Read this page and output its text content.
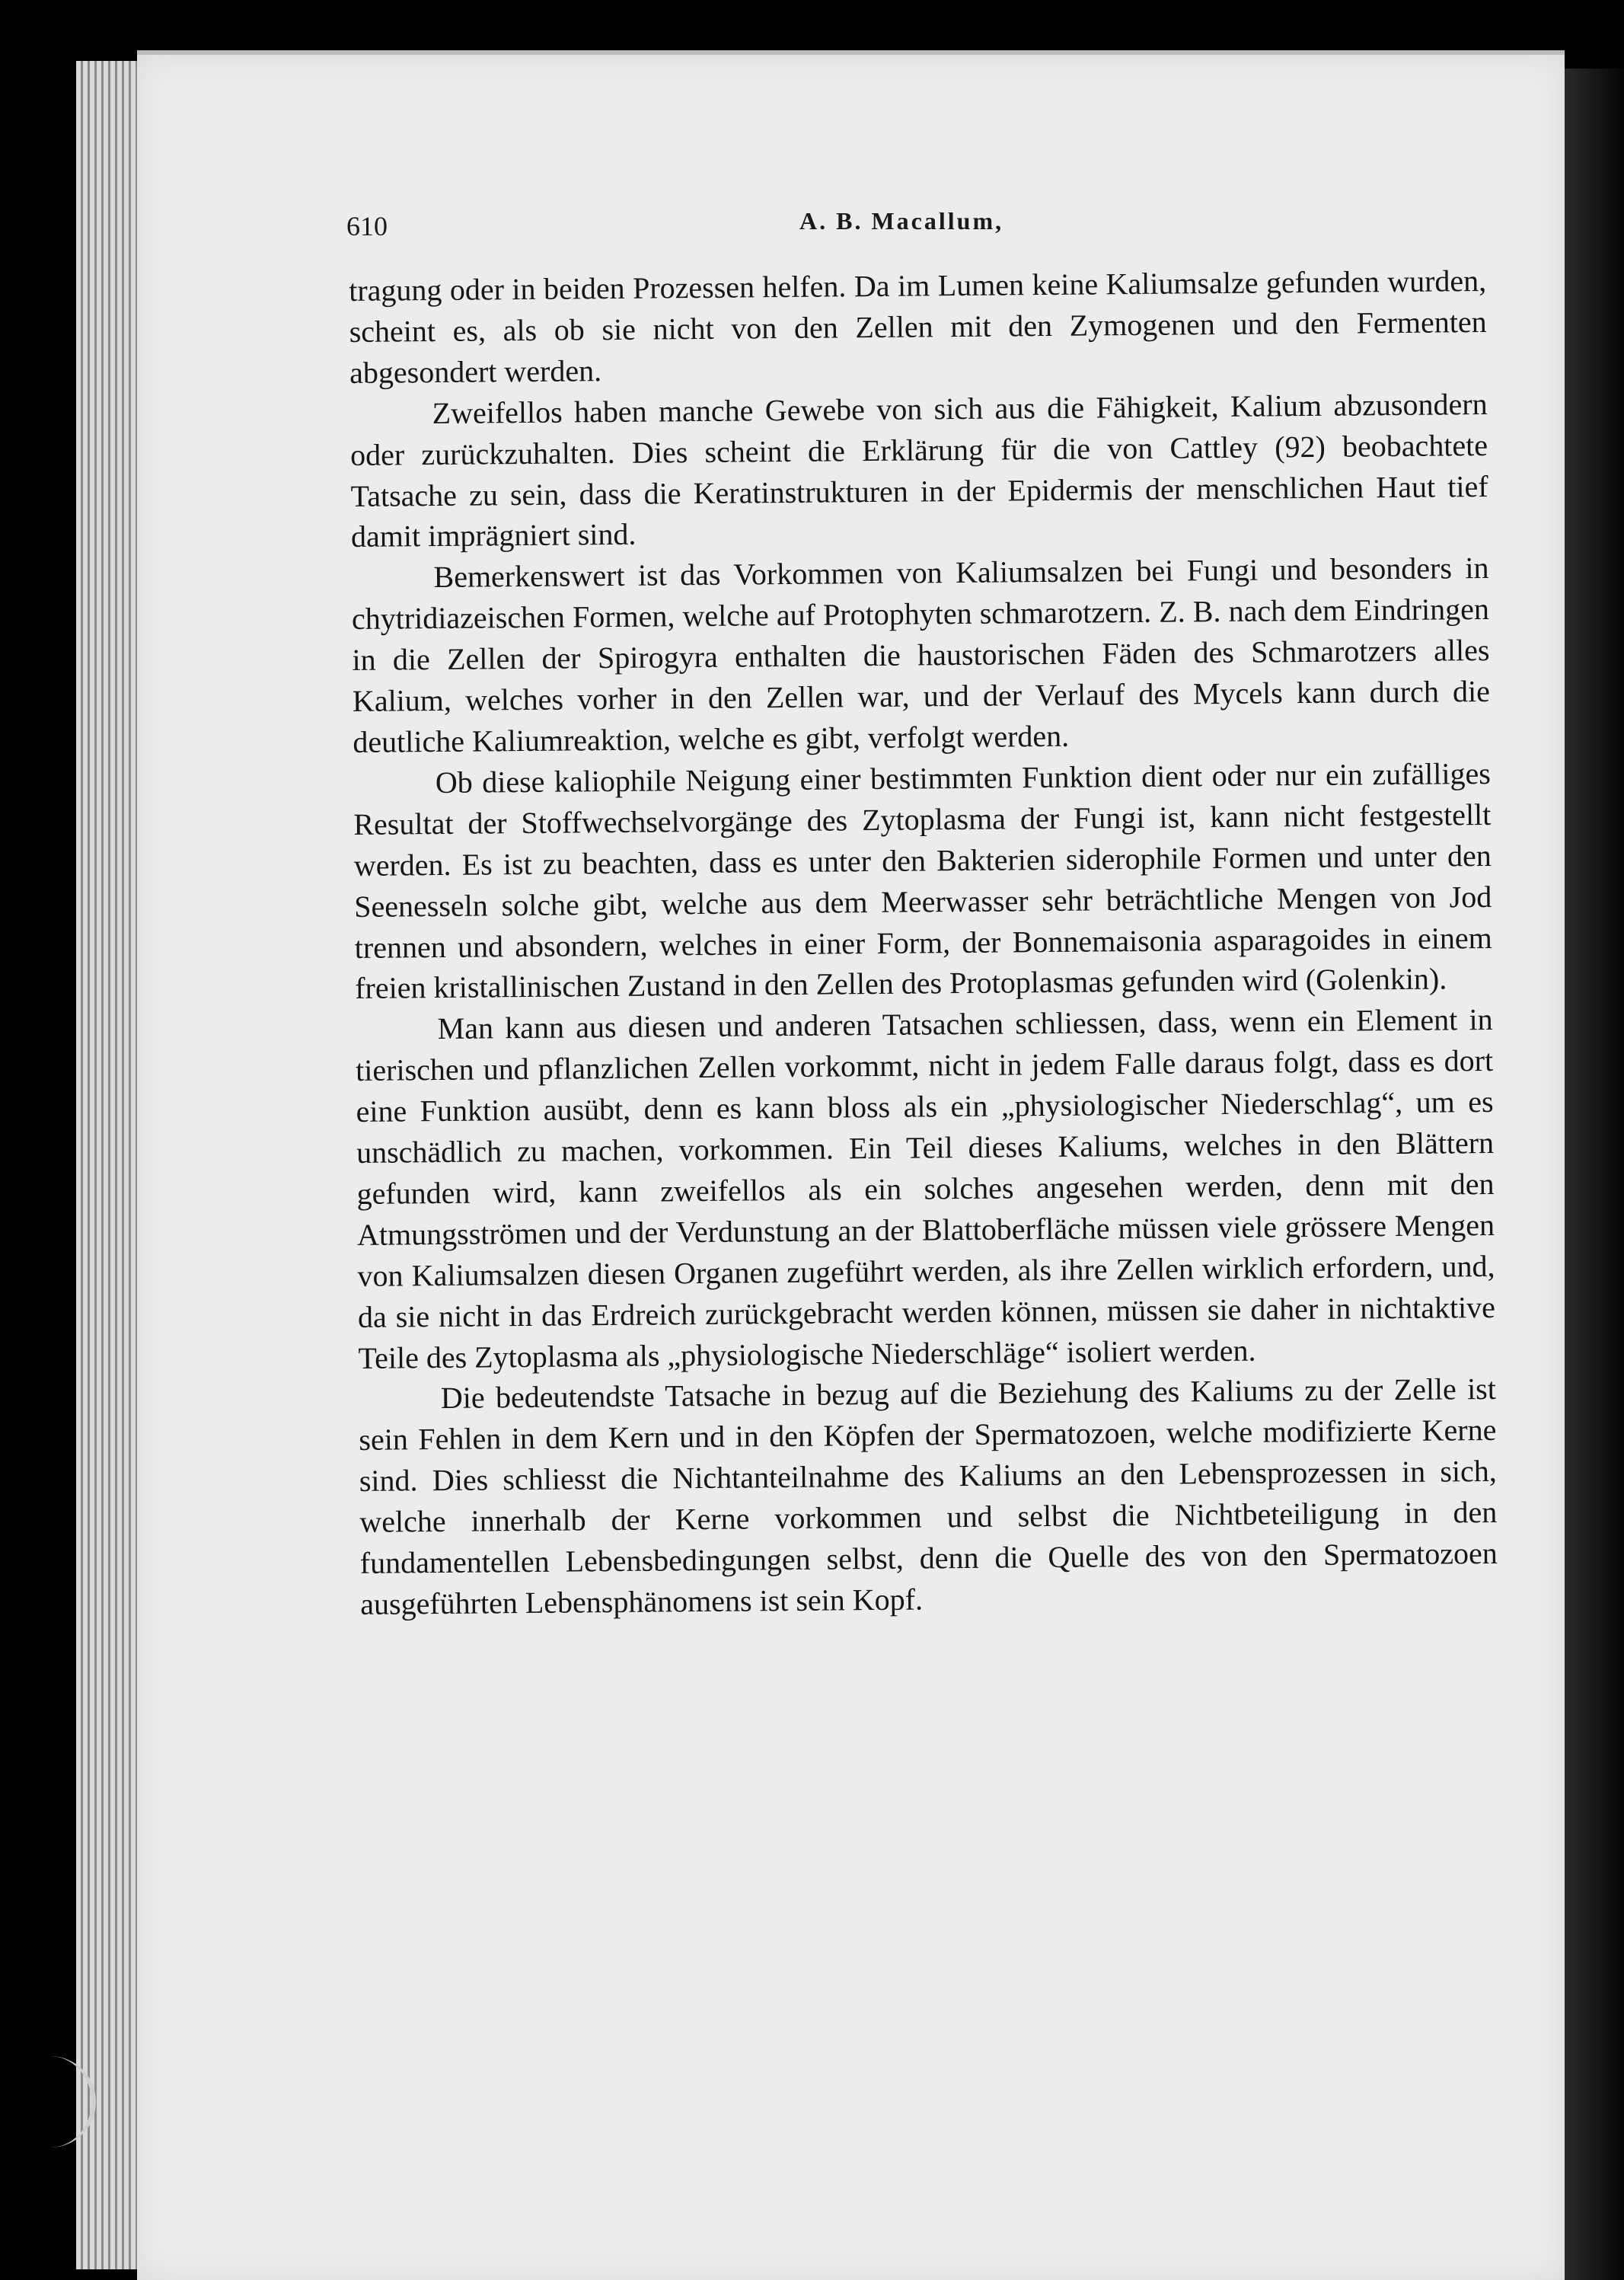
610	A. B. Macallum,

tragung oder in beiden Prozessen helfen. Da im Lumen keine Kaliumsalze gefunden wurden, scheint es, als ob sie nicht von den Zellen mit den Zymogenen und den Fermenten abgesondert werden.

Zweifellos haben manche Gewebe von sich aus die Fähigkeit, Kalium abzusondern oder zurückzuhalten. Dies scheint die Erklärung für die von Cattley (92) beobachtete Tatsache zu sein, dass die Keratinstrukturen in der Epidermis der menschlichen Haut tief damit imprägniert sind.

Bemerkenswert ist das Vorkommen von Kaliumsalzen bei Fungi und besonders in chytridiazeischen Formen, welche auf Protophyten schmarotzern. Z. B. nach dem Eindringen in die Zellen der Spirogyra enthalten die haustorischen Fäden des Schmarotzers alles Kalium, welches vorher in den Zellen war, und der Verlauf des Mycels kann durch die deutliche Kaliumreaktion, welche es gibt, verfolgt werden.

Ob diese kaliophile Neigung einer bestimmten Funktion dient oder nur ein zufälliges Resultat der Stoffwechselvorgänge des Zytoplasma der Fungi ist, kann nicht festgestellt werden. Es ist zu beachten, dass es unter den Bakterien siderophile Formen und unter den Seenesseln solche gibt, welche aus dem Meerwasser sehr beträchtliche Mengen von Jod trennen und absondern, welches in einer Form, der Bonnemaisonia asparagoides in einem freien kristallinischen Zustand in den Zellen des Protoplasmas gefunden wird (Golenkin).

Man kann aus diesen und anderen Tatsachen schliessen, dass, wenn ein Element in tierischen und pflanzlichen Zellen vorkommt, nicht in jedem Falle daraus folgt, dass es dort eine Funktion ausübt, denn es kann bloss als ein „physiologischer Niederschlag“, um es unschädlich zu machen, vorkommen. Ein Teil dieses Kaliums, welches in den Blättern gefunden wird, kann zweifellos als ein solches angesehen werden, denn mit den Atmungsströmen und der Verdunstung an der Blattoberfläche müssen viele grössere Mengen von Kaliumsalzen diesen Organen zugeführt werden, als ihre Zellen wirklich erfordern, und, da sie nicht in das Erdreich zurückgebracht werden können, müssen sie daher in nichtaktive Teile des Zytoplasma als „physiologische Niederschläge“ isoliert werden.

Die bedeutendste Tatsache in bezug auf die Beziehung des Kaliums zu der Zelle ist sein Fehlen in dem Kern und in den Köpfen der Spermatozoen, welche modifizierte Kerne sind. Dies schliesst die Nichtanteilnahme des Kaliums an den Lebensprozessen in sich, welche innerhalb der Kerne vorkommen und selbst die Nichtbeteiligung in den fundamentellen Lebensbedingungen selbst, denn die Quelle des von den Spermatozoen ausgeführten Lebensphänomens ist sein Kopf.
